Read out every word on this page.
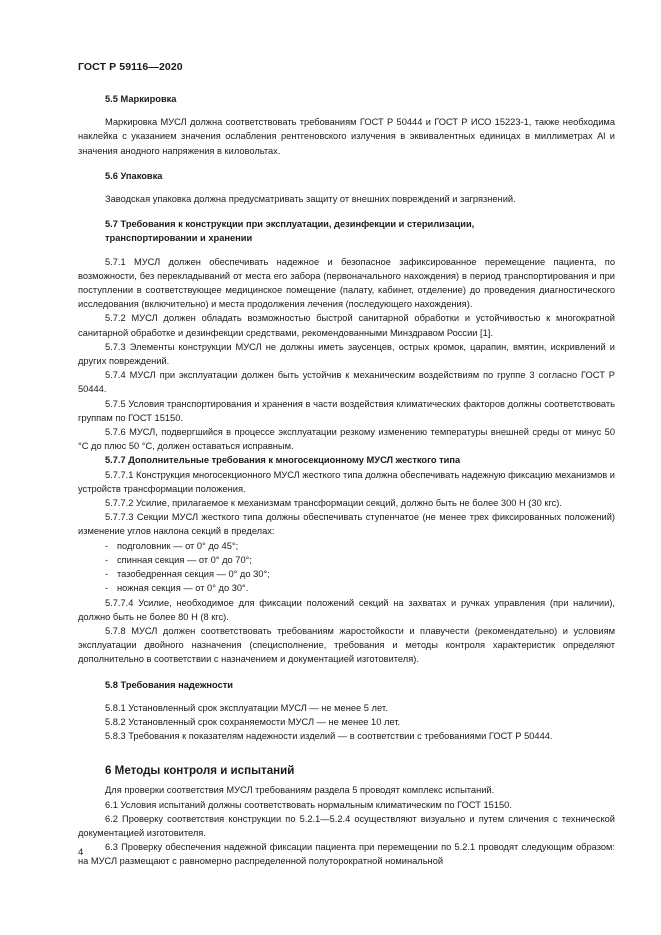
ГОСТ Р 59116—2020

5.5 Маркировка

Маркировка МУСЛ должна соответствовать требованиям ГОСТ Р 50444 и ГОСТ Р ИСО 15223-1, также необходима наклейка с указанием значения ослабления рентгеновского излучения в эквивалентных единицах в миллиметрах Al и значения анодного напряжения в киловольтах.

5.6 Упаковка

Заводская упаковка должна предусматривать защиту от внешних повреждений и загрязнений.

5.7 Требования к конструкции при эксплуатации, дезинфекции и стерилизации,

транспортировании и хранении

5.7.1 МУСЛ должен обеспечивать надежное и безопасное зафиксированное перемещение пациента, по возможности, без перекладываний от места его забора (первоначального нахождения) в период транспортирования и при поступлении в соответствующее медицинское помещение (палату, кабинет, отделение) до проведения диагностического исследования (включительно) и места продолжения лечения (последующего нахождения).

5.7.2 МУСЛ должен обладать возможностью быстрой санитарной обработки и устойчивостью к многократной санитарной обработке и дезинфекции средствами, рекомендованными Минздравом России [1].

5.7.3 Элементы конструкции МУСЛ не должны иметь заусенцев, острых кромок, царапин, вмятин, искривлений и других повреждений.

5.7.4 МУСЛ при эксплуатации должен быть устойчив к механическим воздействиям по группе 3 согласно ГОСТ Р 50444.

5.7.5 Условия транспортирования и хранения в части воздействия климатических факторов должны соответствовать группам по ГОСТ 15150.

5.7.6 МУСЛ, подвергшийся в процессе эксплуатации резкому изменению температуры внешней среды от минус 50 °С до плюс 50 °С, должен оставаться исправным.

5.7.7 Дополнительные требования к многосекционному МУСЛ жесткого типа

5.7.7.1 Конструкция многосекционного МУСЛ жесткого типа должна обеспечивать надежную фиксацию механизмов и устройств трансформации положения.

5.7.7.2 Усилие, прилагаемое к механизмам трансформации секций, должно быть не более 300 Н (30 кгс).

5.7.7.3 Секции МУСЛ жесткого типа должны обеспечивать ступенчатое (не менее трех фиксированных положений) изменение углов наклона секций в пределах:

- подголовник — от 0° до 45°;

- спинная секция — от 0° до 70°;

- тазобедренная секция — 0° до 30°;

- ножная секция — от 0° до 30°.

5.7.7.4 Усилие, необходимое для фиксации положений секций на захватах и ручках управления (при наличии), должно быть не более 80 Н (8 кгс).

5.7.8 МУСЛ должен соответствовать требованиям жаростойкости и плавучести (рекомендательно) и условиям эксплуатации двойного назначения (специсполнение, требования и методы контроля характеристик определяют дополнительно в соответствии с назначением и документацией изготовителя).

5.8 Требования надежности

5.8.1 Установленный срок эксплуатации МУСЛ — не менее 5 лет.

5.8.2 Установленный срок сохраняемости МУСЛ — не менее 10 лет.

5.8.3 Требования к показателям надежности изделий — в соответствии с требованиями ГОСТ Р 50444.

6 Методы контроля и испытаний

Для проверки соответствия МУСЛ требованиям раздела 5 проводят комплекс испытаний.

6.1 Условия испытаний должны соответствовать нормальным климатическим по ГОСТ 15150.

6.2 Проверку соответствия конструкции по 5.2.1—5.2.4 осуществляют визуально и путем сличения с технической документацией изготовителя.

6.3 Проверку обеспечения надежной фиксации пациента при перемещении по 5.2.1 проводят следующим образом: на МУСЛ размещают с равномерно распределенной полуторократной номинальной

4
